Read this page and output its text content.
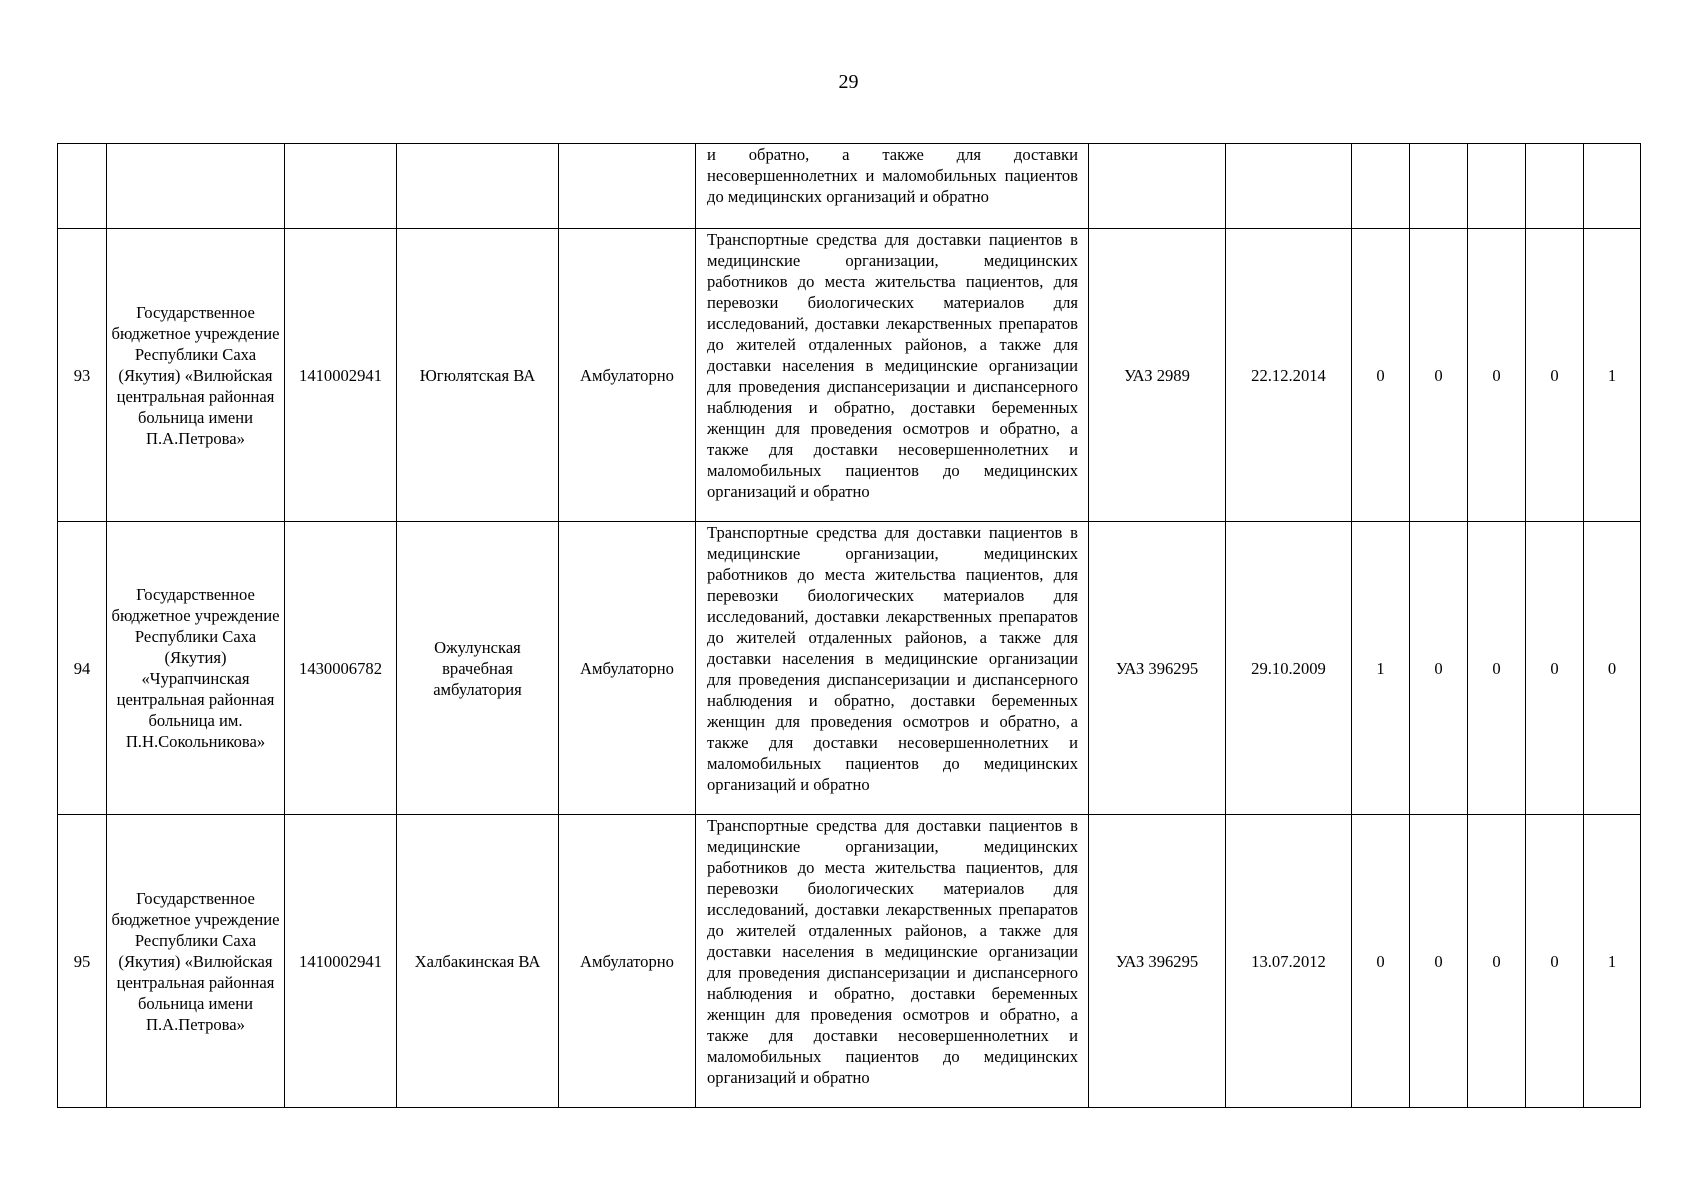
29
					и обратно, а также для доставки несовершеннолетних и маломобильных пациентов до медицинских организаций и обратно							
93	Государственное бюджетное учреждение Республики Саха (Якутия) «Вилюйская центральная районная больница имени П.А.Петрова»	1410002941	Югюлятская ВА	Амбулаторно	Транспортные средства для доставки пациентов в медицинские организации, медицинских работников до места жительства пациентов, для перевозки биологических материалов для исследований, доставки лекарственных препаратов до жителей отдаленных районов, а также для доставки населения в медицинские организации для проведения диспансеризации и диспансерного наблюдения и обратно, доставки беременных женщин для проведения осмотров и обратно, а также для доставки несовершеннолетних и маломобильных пациентов до медицинских организаций и обратно	УАЗ 2989	22.12.2014	0	0	0	0	1
94	Государственное бюджетное учреждение Республики Саха (Якутия) «Чурапчинская центральная районная больница им. П.Н.Сокольникова»	1430006782	Ожулунская врачебная амбулатория	Амбулаторно	Транспортные средства для доставки пациентов в медицинские организации, медицинских работников до места жительства пациентов, для перевозки биологических материалов для исследований, доставки лекарственных препаратов до жителей отдаленных районов, а также для доставки населения в медицинские организации для проведения диспансеризации и диспансерного наблюдения и обратно, доставки беременных женщин для проведения осмотров и обратно, а также для доставки несовершеннолетних и маломобильных пациентов до медицинских организаций и обратно	УАЗ 396295	29.10.2009	1	0	0	0	0
95	Государственное бюджетное учреждение Республики Саха (Якутия) «Вилюйская центральная районная больница имени П.А.Петрова»	1410002941	Халбакинская ВА	Амбулаторно	Транспортные средства для доставки пациентов в медицинские организации, медицинских работников до места жительства пациентов, для перевозки биологических материалов для исследований, доставки лекарственных препаратов до жителей отдаленных районов, а также для доставки населения в медицинские организации для проведения диспансеризации и диспансерного наблюдения и обратно, доставки беременных женщин для проведения осмотров и обратно, а также для доставки несовершеннолетних и маломобильных пациентов до медицинских организаций и обратно	УАЗ 396295	13.07.2012	0	0	0	0	1
